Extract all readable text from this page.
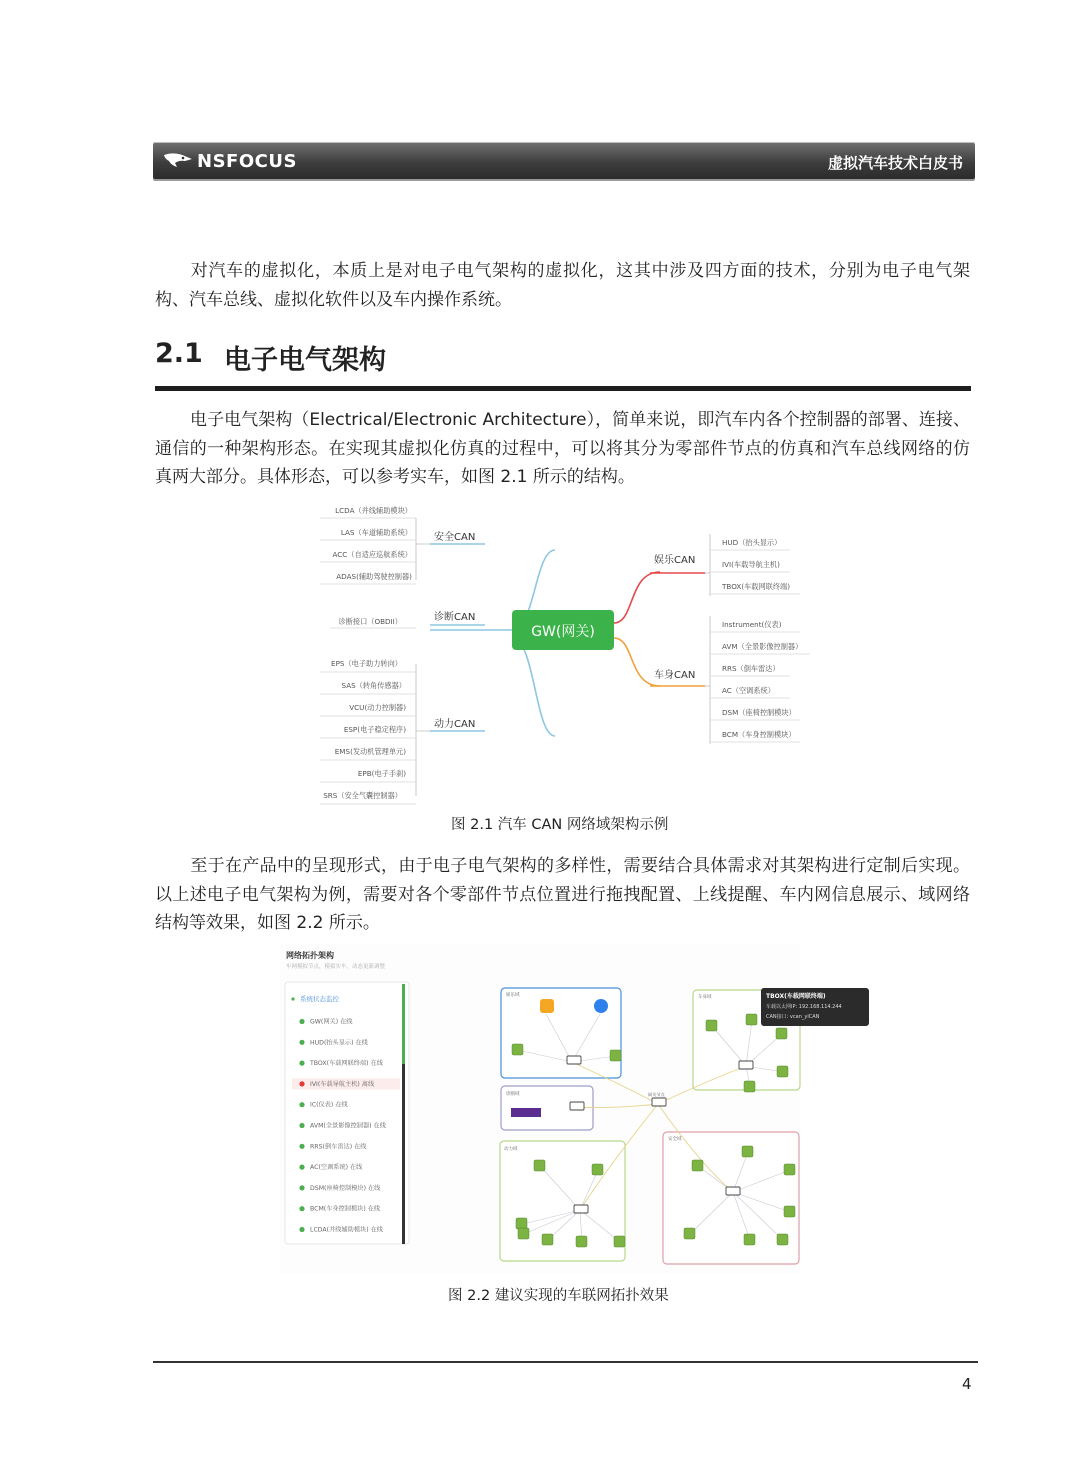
NSFOCUS	虚拟汽车技术白皮书
对汽车的虚拟化，本质上是对电子电气架构的虚拟化，这其中涉及四方面的技术，分别为电子电气架构、汽车总线、虚拟化软件以及车内操作系统。
2.1 电子电气架构
电子电气架构（Electrical/Electronic Architecture），简单来说，即汽车内各个控制器的部署、连接、通信的一种架构形态。在实现其虚拟化仿真的过程中，可以将其分为零部件节点的仿真和汽车总线网络的仿真两大部分。具体形态，可以参考实车，如图 2.1 所示的结构。
LCDA（并线辅助模块）
LAS（车道辅助系统）
ACC（自适应巡航系统）
ADAS(辅助驾驶控制器)
安全CAN
诊断接口（OBDII）	诊断CAN
EPS（电子助力转向）
SAS（转角传感器）
VCU(动力控制器)
ESP(电子稳定程序)
EMS(发动机管理单元)
EPB(电子手刹)
SRS（安全气囊控制器）
动力CAN
GW(网关)
娱乐CAN
HUD（抬头显示）
IVI(车载导航主机)
TBOX(车载网联终端)
车身CAN
Instrument(仪表)
AVM（全景影像控制器）
RRS（倒车雷达）
AC（空调系统）
DSM（座椅控制模块）
BCM（车身控制模块）
图 2.1 汽车 CAN 网络域架构示例
至于在产品中的呈现形式，由于电子电气架构的多样性，需要结合具体需求对其架构进行定制后实现。以上述电子电气架构为例，需要对各个零部件节点位置进行拖拽配置、上线提醒、车内网信息展示、域网络结构等效果，如图 2.2 所示。
网络拓扑架构
车网模拟节点，模拟实车，动态更新调整
系统状态监控
GW(网关) 在线
HUD(抬头显示) 在线
TBOX(车载网联终端) 在线
IVI(车载导航主机) 离线
IC(仪表) 在线
AVM(全景影像控制器) 在线
RRS(倒车雷达) 在线
AC(空调系统) 在线
DSM(座椅控制模块) 在线
BCM(车身控制模块) 在线
LCDA(并线辅助模块) 在线
娱乐域
诊断域
车身域
动力域
安全域
网关节点
TBOX(车载网联终端)
车载以太网IP: 192.168.114.244
CAN接口: vcan_ylCAN
图 2.2 建议实现的车联网拓扑效果
4
